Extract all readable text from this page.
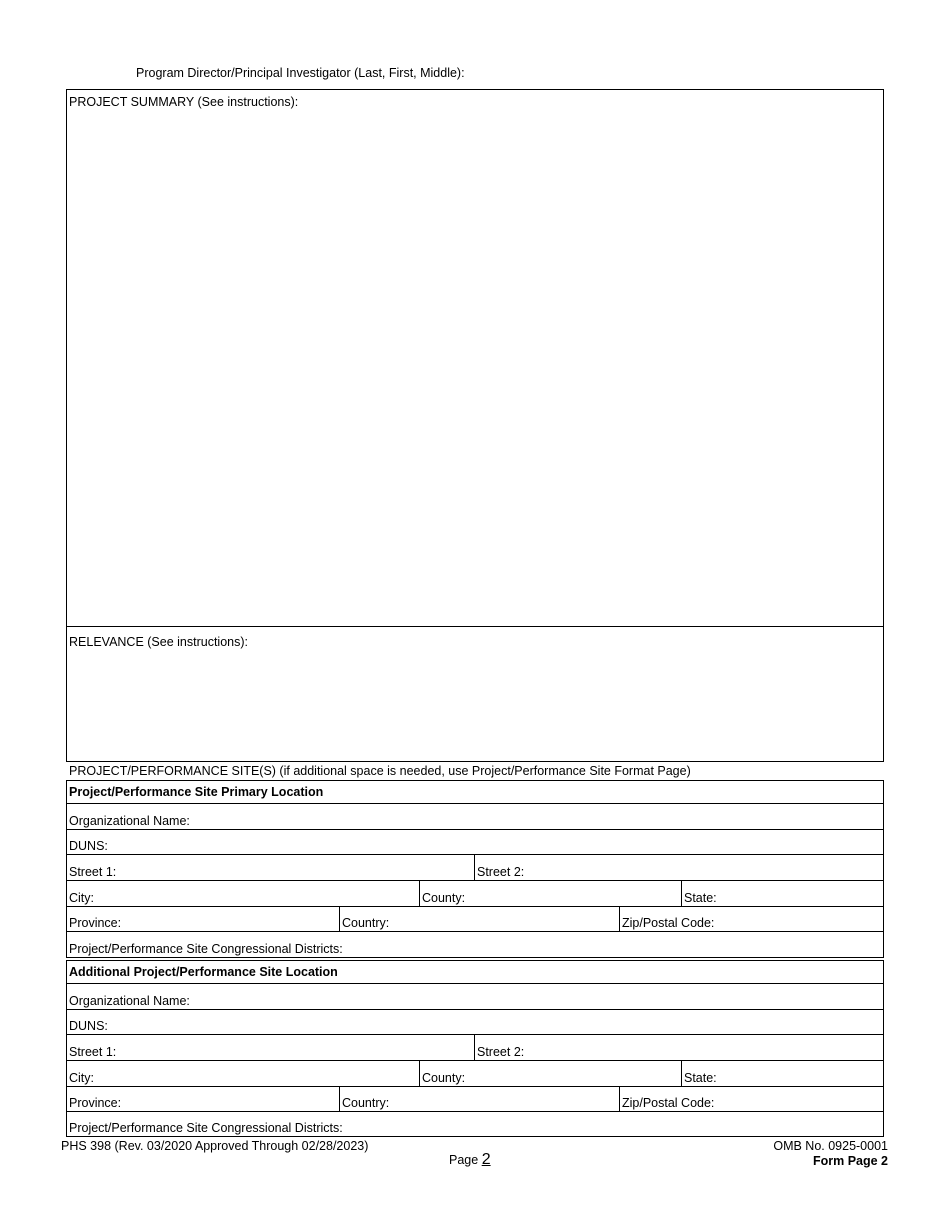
Program Director/Principal Investigator (Last, First, Middle):
PROJECT SUMMARY (See instructions):
RELEVANCE (See instructions):
PROJECT/PERFORMANCE SITE(S) (if additional space is needed, use Project/Performance Site Format Page)
Project/Performance Site Primary Location
Organizational Name:
DUNS:
Street 1:	Street 2:
City:	County:	State:
Province:	Country:	Zip/Postal Code:
Project/Performance Site Congressional Districts:
Additional Project/Performance Site Location
Organizational Name:
DUNS:
Street 1:	Street 2:
City:	County:	State:
Province:	Country:	Zip/Postal Code:
Project/Performance Site Congressional Districts:
PHS 398 (Rev. 03/2020 Approved Through 02/28/2023)
Page 2
OMB No. 0925-0001
Form Page 2
